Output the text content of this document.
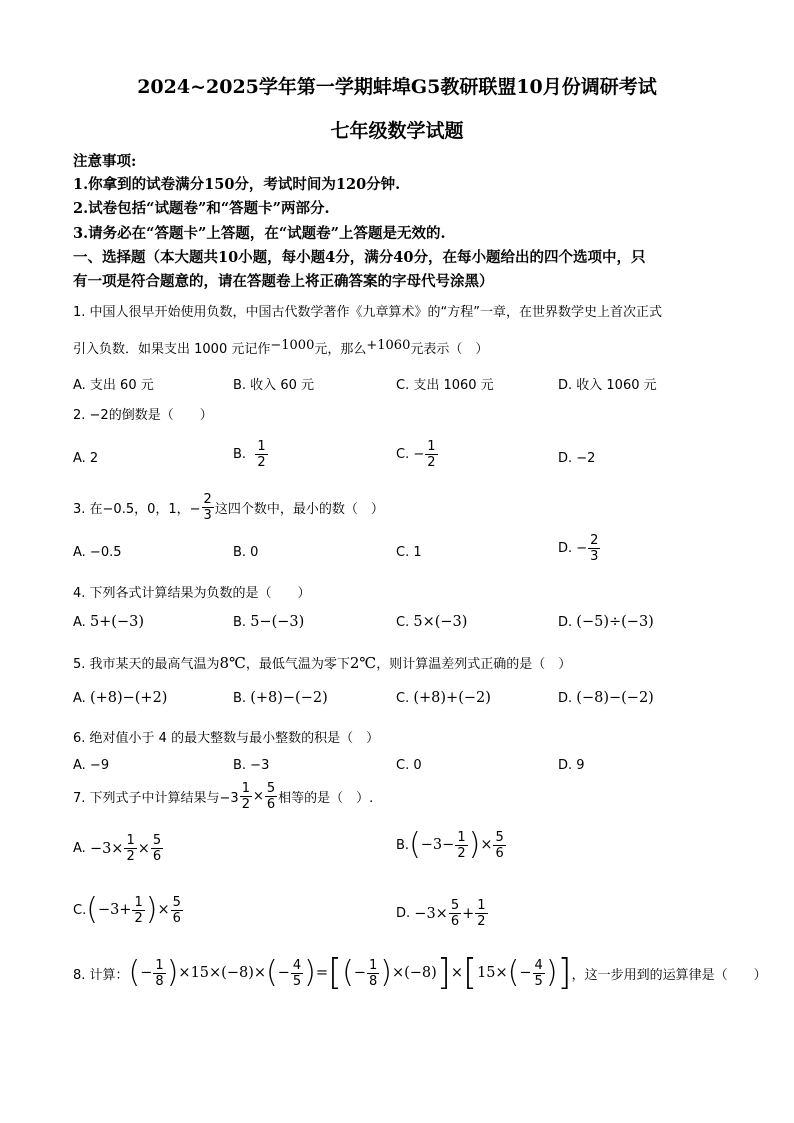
2024~2025学年第一学期蚌埠G5教研联盟10月份调研考试
七年级数学试题
注意事项:
1.你拿到的试卷满分150分，考试时间为120分钟.
2.试卷包括“试题卷”和“答题卡”两部分.
3.请务必在“答题卡”上答题，在“试题卷”上答题是无效的.
一、选择题（本大题共10小题，每小题4分，满分40分，在每小题给出的四个选项中，只
有一项是符合题意的，请在答题卷上将正确答案的字母代号涂黑）
1. 中国人很早开始使用负数，中国古代数学著作《九章算术》的“方程”一章，在世界数学史上首次正式
引入负数．如果支出 1000 元记作−1000元，那么+1060元表示（　）
A. 支出 60 元	B. 收入 60 元	C. 支出 1060 元	D. 收入 1060 元
2. −2的倒数是（　　）
A. 2	B.
$\frac{1}{2}$	C. − $\frac{1}{2}$	D. −2
3. 在−0.5，0，1，− $\frac{2}{3}$ 这四个数中，最小的数（　）
A. −0.5	B. 0	C. 1	D. − $\frac{2}{3}$
4. 下列各式计算结果为负数的是（　　）
A. 5+(−3)	B. 5−(−3)	C. 5×(−3)	D. (−5)÷(−3)
5. 我市某天的最高气温为8℃，最低气温为零下2℃，则计算温差列式正确的是（　）
A. (+8)−(+2)	B. (+8)−(−2)	C. (+8)+(−2)	D. (−8)−(−2)
6. 绝对值小于 4 的最大整数与最小整数的积是（　）
A. −9	B. −3	C. 0	D. 9
7. 下列式子中计算结果与$-3 \frac{1}{2} \times \frac{5}{6}$ 相等的是（　）.
A.
$-3\times \frac{1}{2} \times \frac{5}{6}$	B. ( $-3- \frac{1}{2}$ ) × $\frac{5}{6}$
C. ( $-3+ \frac{1}{2}$ ) × $\frac{5}{6}$	D.
$-3\times \frac{5}{6} + \frac{1}{2}$
8. 计算： ( − $\frac{1}{8}$ ) ×15×(−8)× ( − $\frac{4}{5}$ ) = [ ( − $\frac{1}{8}$ ) ×(−8) ] × [ 15× ( − $\frac{4}{5}$ ) ] ，这一步用到的运算律是（　　）
